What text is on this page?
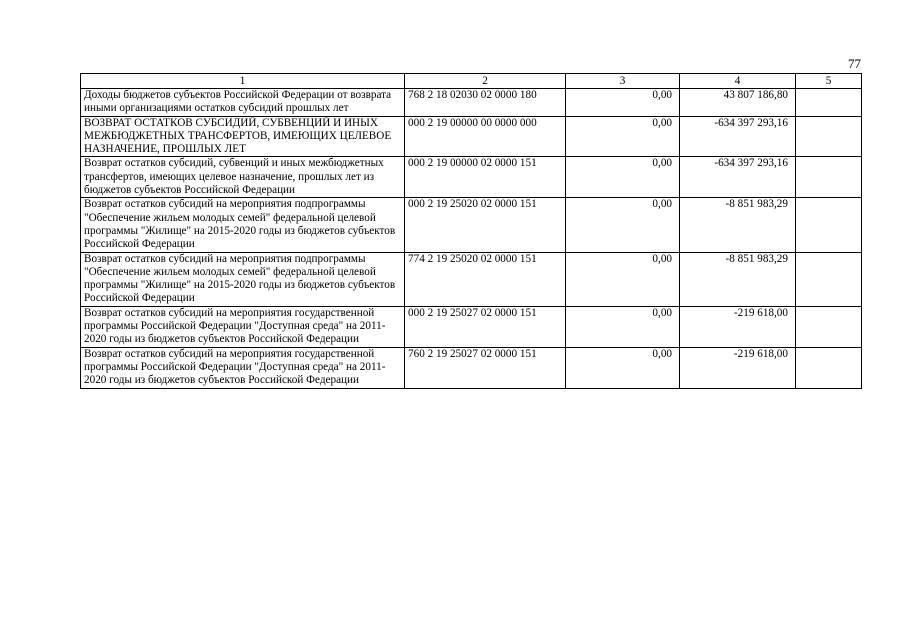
77
1	2	3	4	5
Доходы бюджетов субъектов Российской Федерации от возврата иными организациями остатков субсидий прошлых лет	768 2 18 02030 02 0000 180	0,00	43 807 186,80	
ВОЗВРАТ ОСТАТКОВ СУБСИДИЙ, СУБВЕНЦИЙ И ИНЫХ МЕЖБЮДЖЕТНЫХ ТРАНСФЕРТОВ, ИМЕЮЩИХ ЦЕЛЕВОЕ НАЗНАЧЕНИЕ, ПРОШЛЫХ ЛЕТ	000 2 19 00000 00 0000 000	0,00	-634 397 293,16	
Возврат остатков субсидий, субвенций и иных межбюджетных трансфертов, имеющих целевое назначение, прошлых лет из бюджетов субъектов Российской Федерации	000 2 19 00000 02 0000 151	0,00	-634 397 293,16	
Возврат остатков субсидий на мероприятия подпрограммы "Обеспечение жильем молодых семей" федеральной целевой программы "Жилище" на 2015-2020 годы из бюджетов субъектов Российской Федерации	000 2 19 25020 02 0000 151	0,00	-8 851 983,29	
Возврат остатков субсидий на мероприятия подпрограммы "Обеспечение жильем молодых семей" федеральной целевой программы "Жилище" на 2015-2020 годы из бюджетов субъектов Российской Федерации	774 2 19 25020 02 0000 151	0,00	-8 851 983,29	
Возврат остатков субсидий на мероприятия государственной программы Российской Федерации "Доступная среда" на 2011-2020 годы из бюджетов субъектов Российской Федерации	000 2 19 25027 02 0000 151	0,00	-219 618,00	
Возврат остатков субсидий на мероприятия государственной программы Российской Федерации "Доступная среда" на 2011-2020 годы из бюджетов субъектов Российской Федерации	760 2 19 25027 02 0000 151	0,00	-219 618,00	
